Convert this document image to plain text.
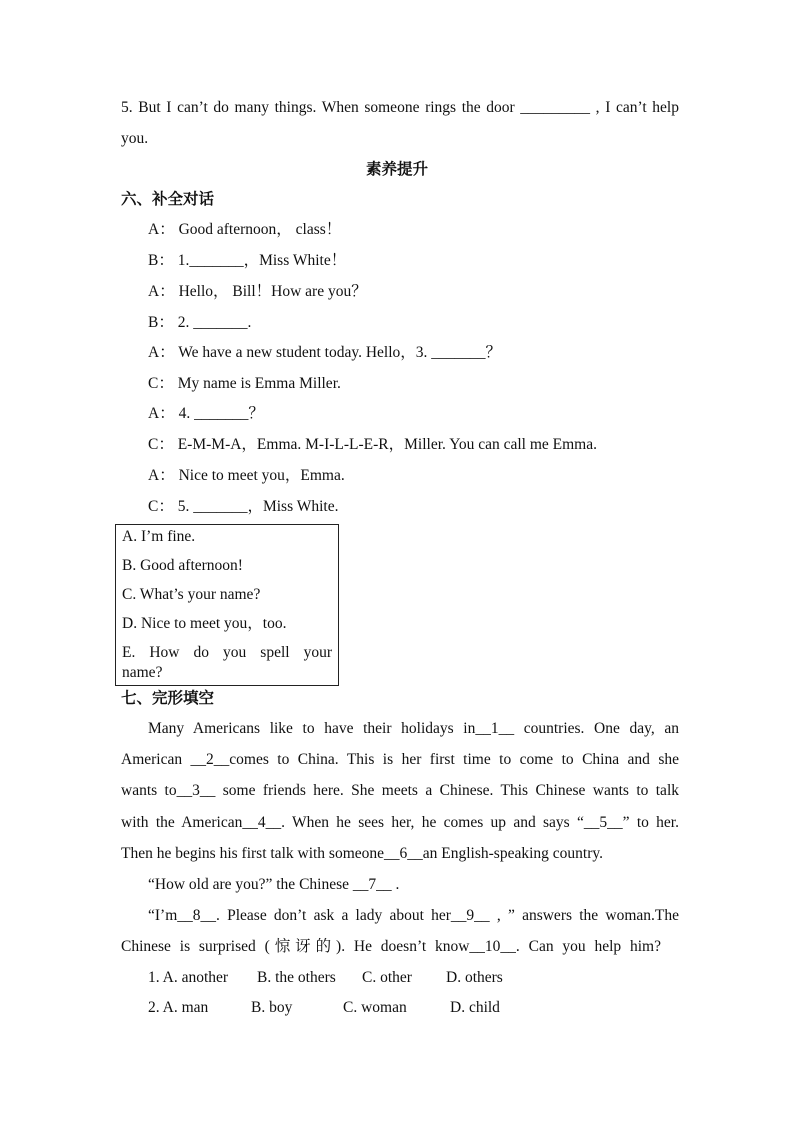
5. But I can’t do many things. When someone rings the door _________ , I can’t help
you.
素养提升
六、补全对话
A： Good afternoon， class！
B： 1._______，Miss White！
A： Hello， Bill！How are you？
B： 2. _______.
A： We have a new student today. Hello，3. _______？
C： My name is Emma Miller.
A： 4. _______？
C： E-M-M-A，Emma. M-I-L-L-E-R，Miller. You can call me Emma.
A： Nice to meet you，Emma.
C： 5. _______，Miss White.
A. I’m fine.
B. Good afternoon!
C. What’s your name?
D. Nice to meet you，too.
E. How do you spell your
name?
七、完形填空
Many Americans like to have their holidays in__1__ countries. One day, an
American __2__comes to China. This is her first time to come to China and she
wants to__3__ some friends here. She meets a Chinese. This Chinese wants to talk
with the American__4__. When he sees her, he comes up and says “__5__” to her.
Then he begins his first talk with someone__6__an English-speaking country.
“How old are you?” the Chinese __7__ .
“I’m__8__. Please don’t ask a lady about her__9__ , ” answers the woman.The
Chinese is surprised (惊讶的). He doesn’t know__10__. Can you help him?
1. A. another B. the others C. other D. others
2. A. man	B. boy	C. woman	D. child
